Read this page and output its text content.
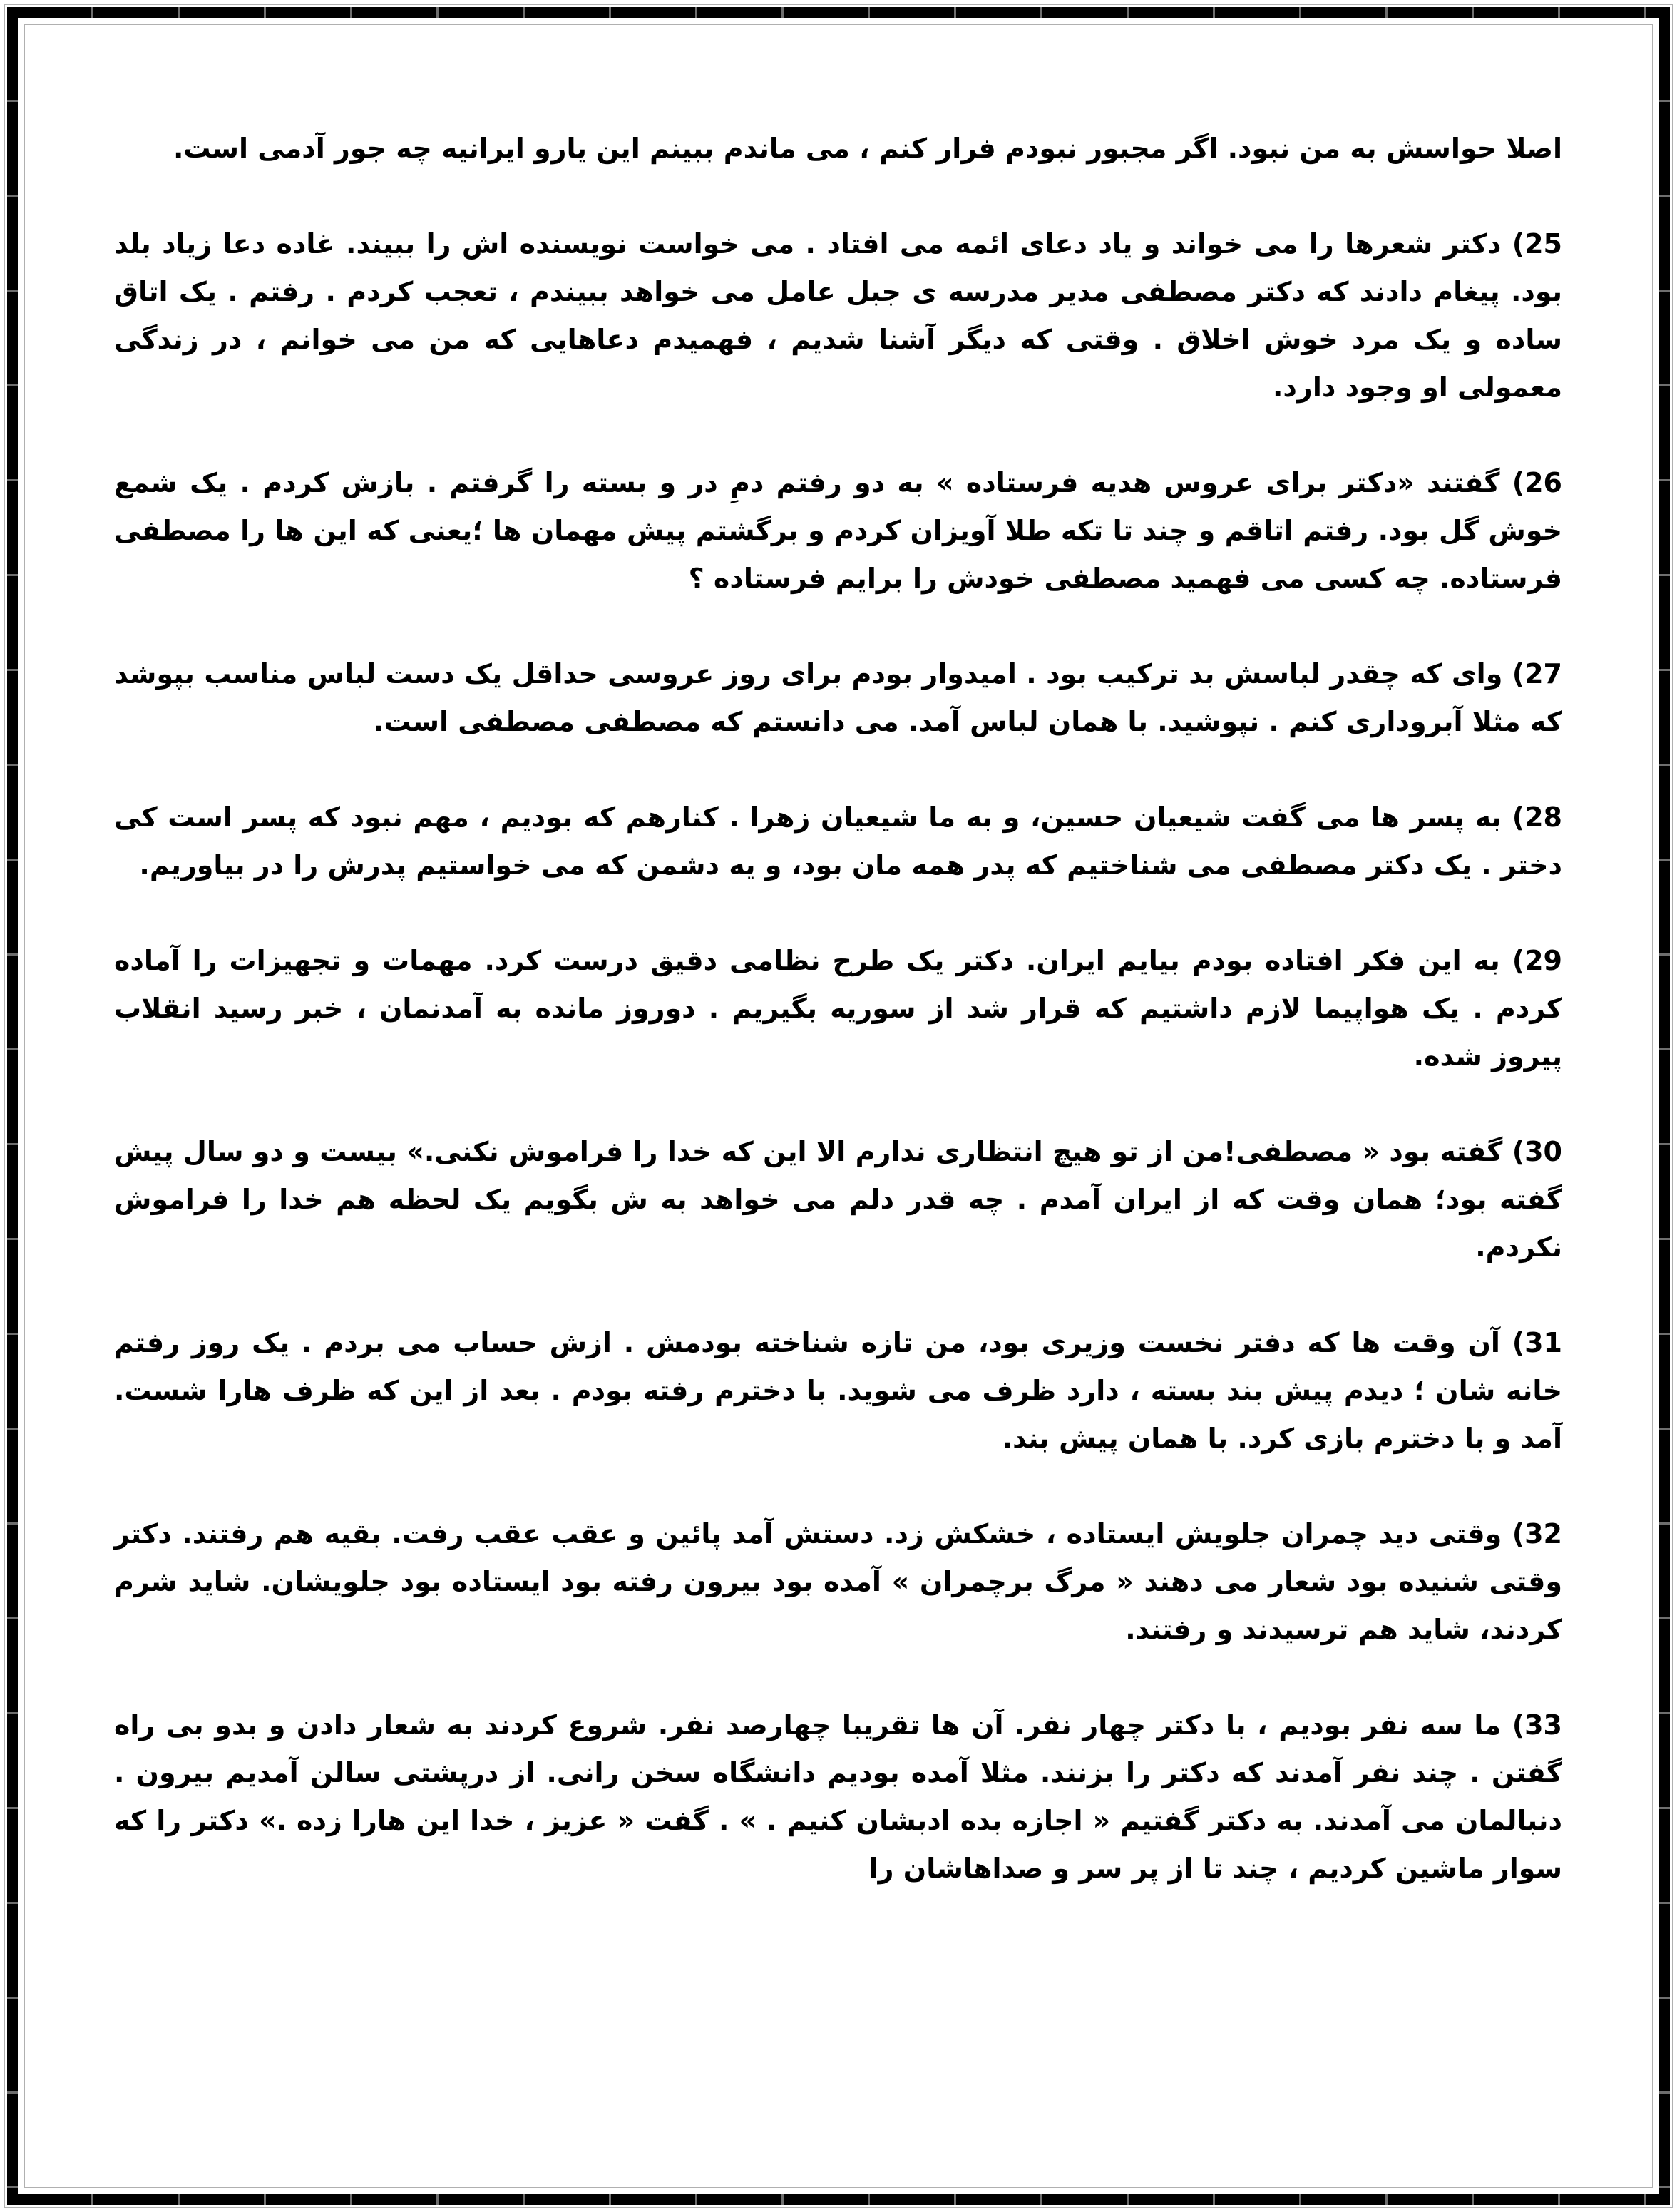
اصلا حواسش به من نبود. اگر مجبور نبودم فرار کنم ، می ماندم ببینم این یارو ایرانیه چه جور آدمی است.

25) دکتر شعرها را می خواند و یاد دعای ائمه می افتاد . می خواست نویسنده اش را ببیند. غاده دعا زیاد بلد بود. پیغام دادند که دکتر مصطفی مدیر مدرسه ی جبل عامل می خواهد ببیندم ، تعجب کردم . رفتم . یک اتاق ساده و یک مرد خوش اخلاق . وقتی که دیگر آشنا شدیم ، فهمیدم دعاهایی که من می خوانم ، در زندگی معمولی او وجود دارد.

26) گفتند «دکتر برای عروس هدیه فرستاده » به دو رفتم دمِ در و بسته را گرفتم . بازش کردم . یک شمع خوش گل بود. رفتم اتاقم و چند تا تکه طلا آویزان کردم و برگشتم پیش مهمان ها ؛یعنی که این ها را مصطفی فرستاده. چه کسی می فهمید مصطفی خودش را برایم فرستاده ؟

27) وای که چقدر لباسش بد ترکیب بود . امیدوار بودم برای روز عروسی حداقل یک دست لباس مناسب بپوشد که مثلا آبروداری کنم . نپوشید. با همان لباس آمد. می دانستم که مصطفی مصطفی است.

28) به پسر ها می گفت شیعیان حسین، و به ما شیعیان زهرا . کنارهم که بودیم ، مهم نبود که پسر است کی دختر . یک دکتر مصطفی می شناختیم که پدر همه مان بود، و یه دشمن که می خواستیم پدرش را در بیاوریم.

29) به این فکر افتاده بودم بیایم ایران. دکتر یک طرح نظامی دقیق درست کرد. مهمات و تجهیزات را آماده کردم . یک هواپیما لازم داشتیم که قرار شد از سوریه بگیریم . دوروز مانده به آمدنمان ، خبر رسید انقلاب پیروز شده.

30) گفته بود « مصطفی!من از تو هیچ انتظاری ندارم الا این که خدا را فراموش نکنی.» بیست و دو سال پیش گفته بود؛ همان وقت که از ایران آمدم . چه قدر دلم می خواهد به ش بگویم یک لحظه هم خدا را فراموش نکردم.

31) آن وقت ها که دفتر نخست وزیری بود، من تازه شناخته بودمش . ازش حساب می بردم . یک روز رفتم خانه شان ؛ دیدم پیش بند بسته ، دارد ظرف می شوید. با دخترم رفته بودم . بعد از این که ظرف هارا شست. آمد و با دخترم بازی کرد. با همان پیش بند.

32) وقتی دید چمران جلویش ایستاده ، خشکش زد. دستش آمد پائین و عقب عقب رفت. بقیه هم رفتند. دکتر وقتی شنیده بود شعار می دهند « مرگ برچمران » آمده بود بیرون رفته بود ایستاده بود جلویشان. شاید شرم کردند، شاید هم ترسیدند و رفتند.

33) ما سه نفر بودیم ، با دکتر چهار نفر. آن ها تقریبا چهارصد نفر. شروع کردند به شعار دادن و بدو بی راه گفتن . چند نفر آمدند که دکتر را بزنند. مثلا آمده بودیم دانشگاه سخن رانی. از درپشتی سالن آمدیم بیرون . دنبالمان می آمدند. به دکتر گفتیم « اجازه بده ادبشان کنیم . » . گفت « عزیز ، خدا این هارا زده .» دکتر را که سوار ماشین کردیم ، چند تا از پر سر و صداهاشان را
